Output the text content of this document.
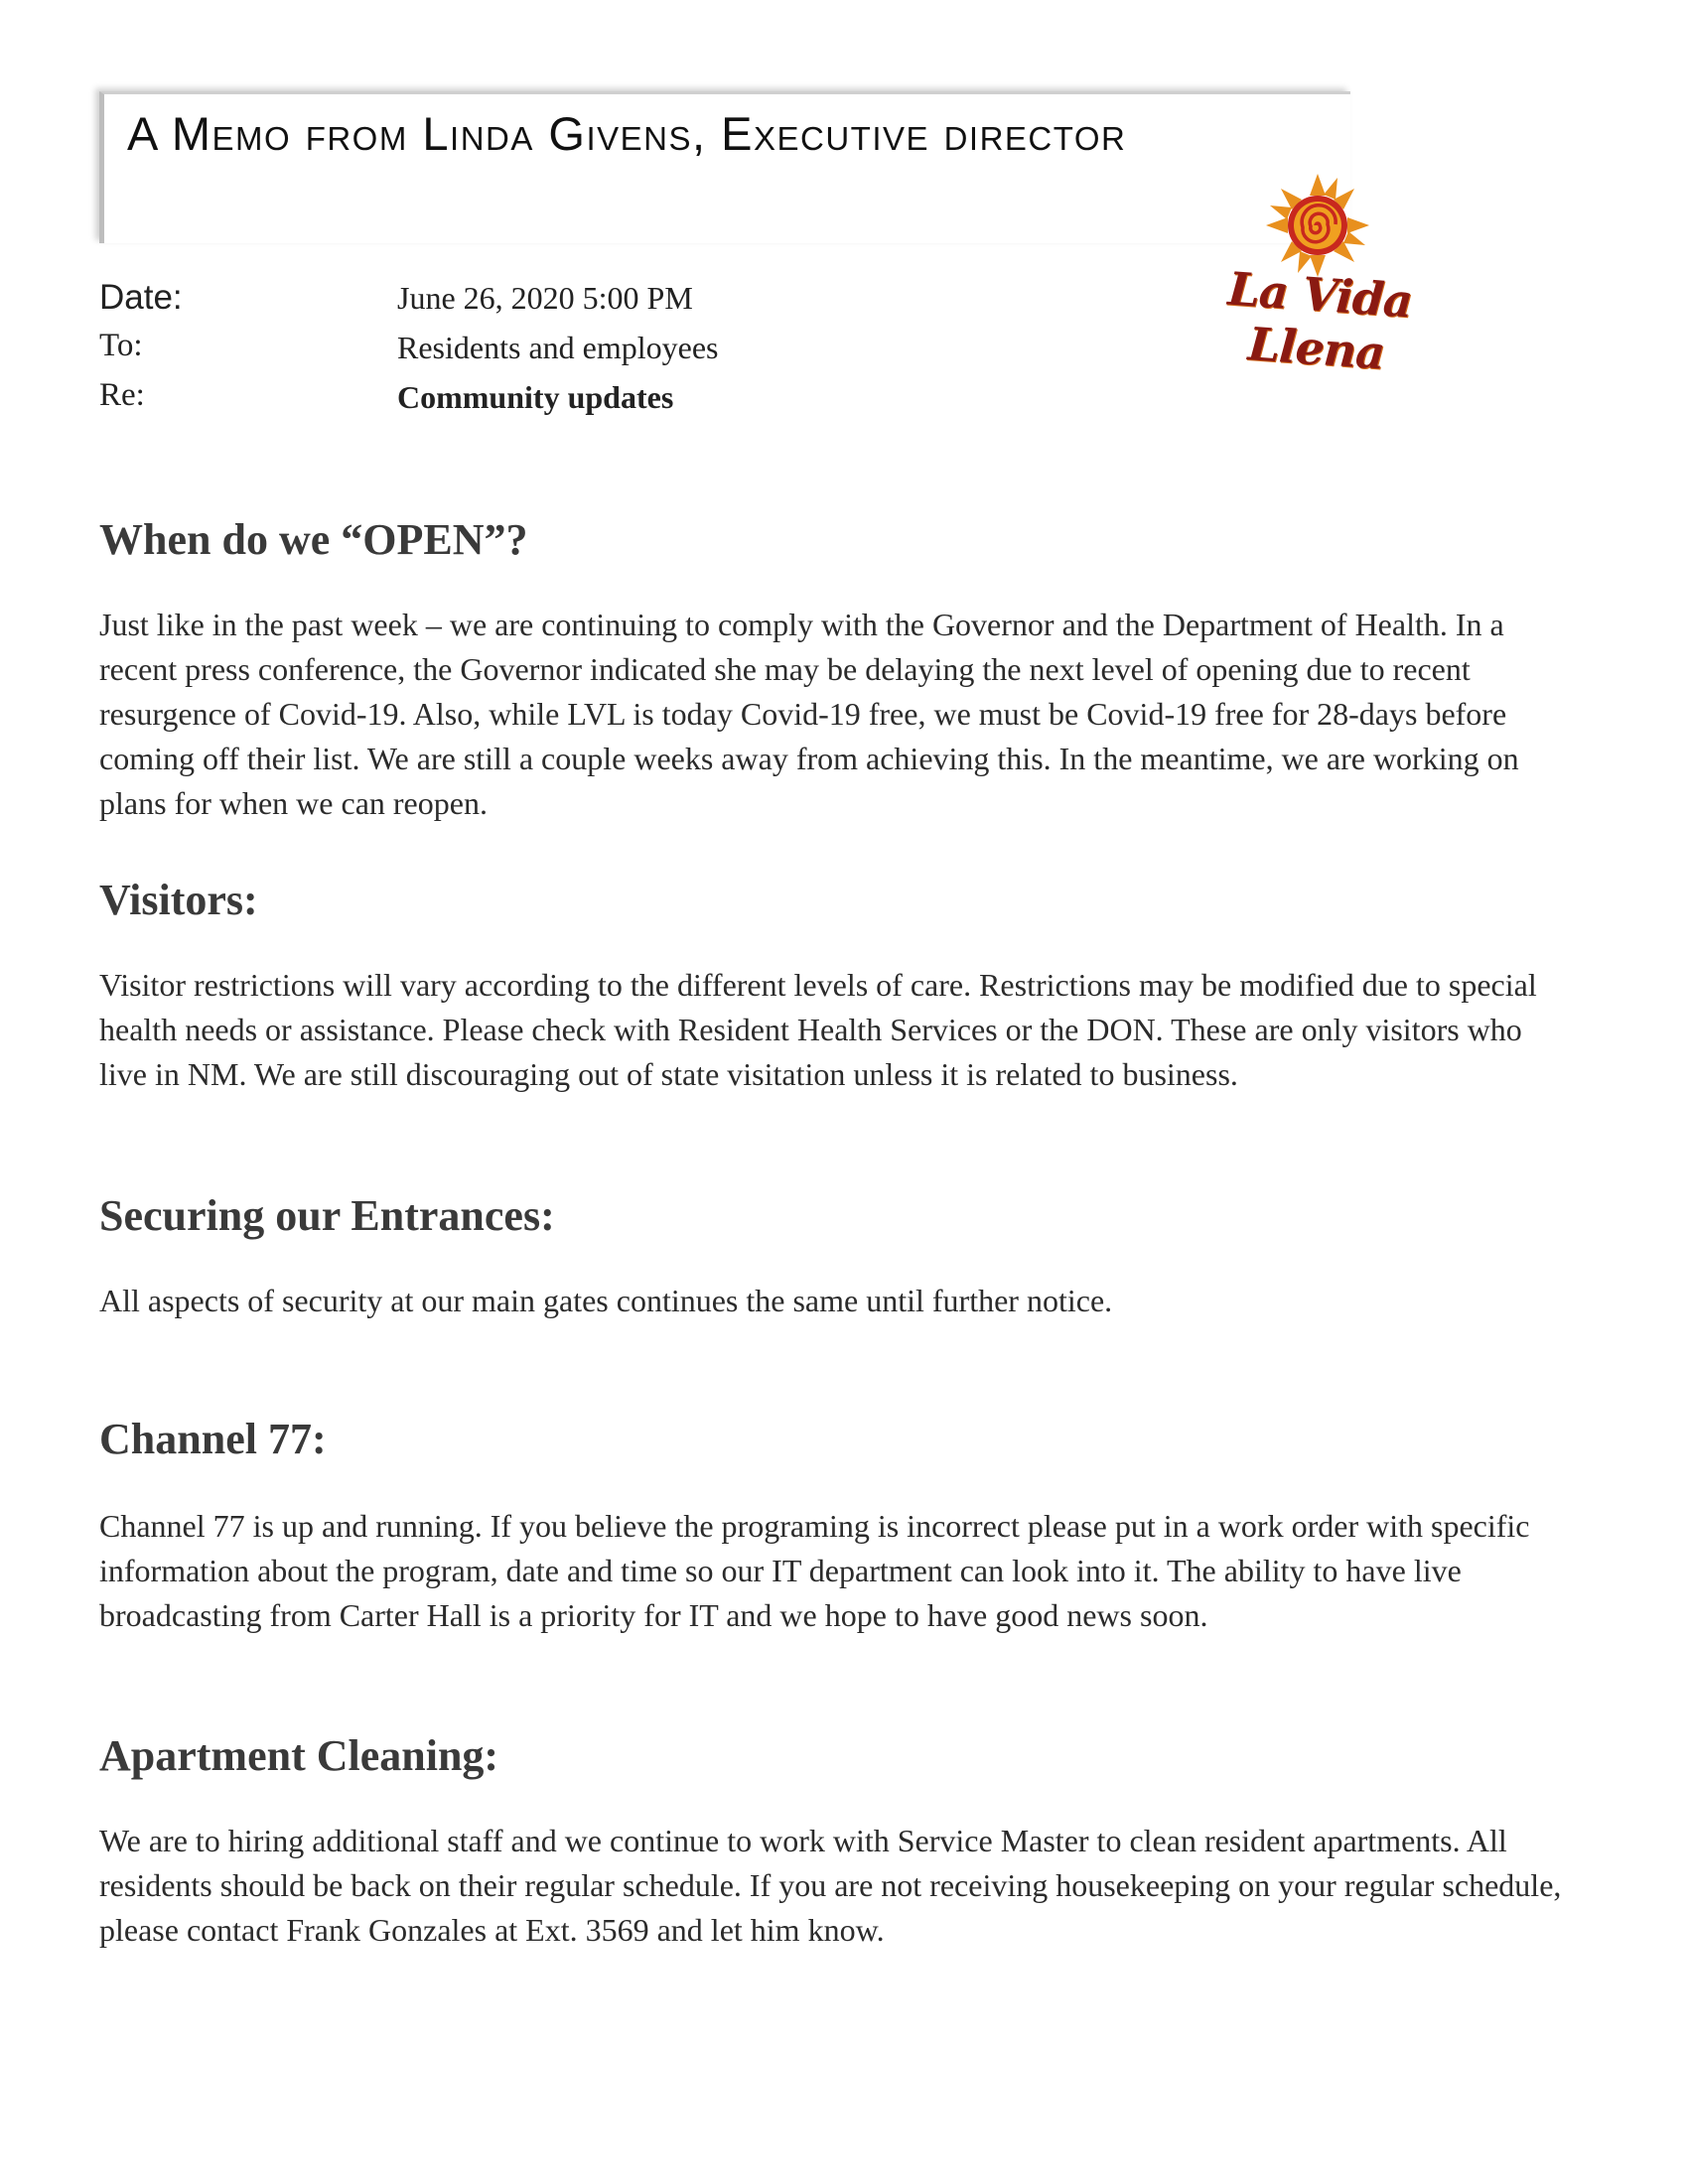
A Memo from Linda Givens, Executive director
La Vida Llena
Date:	June 26, 2020 5:00 PM
To:	Residents and employees
Re:	Community updates
When do we “OPEN”?

Just like in the past week – we are continuing to comply with the Governor and the Department of Health. In a recent press conference, the Governor indicated she may be delaying the next level of opening due to recent resurgence of Covid-19. Also, while LVL is today Covid-19 free, we must be Covid-19 free for 28-days before coming off their list. We are still a couple weeks away from achieving this. In the meantime, we are working on plans for when we can reopen.

Visitors:

Visitor restrictions will vary according to the different levels of care. Restrictions may be modified due to special health needs or assistance. Please check with Resident Health Services or the DON. These are only visitors who live in NM. We are still discouraging out of state visitation unless it is related to business.

Securing our Entrances:

All aspects of security at our main gates continues the same until further notice.

Channel 77:

Channel 77 is up and running. If you believe the programing is incorrect please put in a work order with specific information about the program, date and time so our IT department can look into it. The ability to have live broadcasting from Carter Hall is a priority for IT and we hope to have good news soon.

Apartment Cleaning:

We are to hiring additional staff and we continue to work with Service Master to clean resident apartments. All residents should be back on their regular schedule. If you are not receiving housekeeping on your regular schedule, please contact Frank Gonzales at Ext. 3569 and let him know.
